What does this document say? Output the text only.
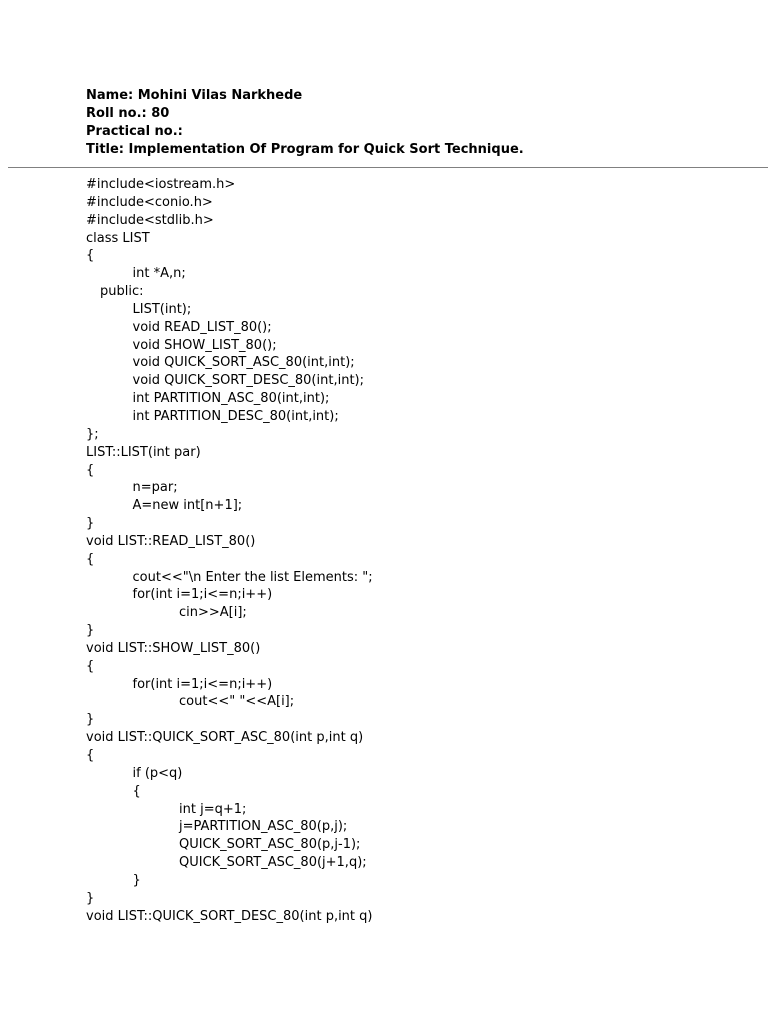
Name: Mohini Vilas Narkhede
Roll no.: 80
Practical no.:
Title: Implementation Of Program for Quick Sort Technique.
#include<iostream.h>
#include<conio.h>
#include<stdlib.h>
class LIST
{
int *A,n;
public:
LIST(int);
void READ_LIST_80();
void SHOW_LIST_80();
void QUICK_SORT_ASC_80(int,int);
void QUICK_SORT_DESC_80(int,int);
int PARTITION_ASC_80(int,int);
int PARTITION_DESC_80(int,int);
};
LIST::LIST(int par)
{
n=par;
A=new int[n+1];
}
void LIST::READ_LIST_80()
{
cout<<"\n Enter the list Elements: ";
for(int i=1;i<=n;i++)
cin>>A[i];
}
void LIST::SHOW_LIST_80()
{
for(int i=1;i<=n;i++)
cout<<" "<<A[i];
}
void LIST::QUICK_SORT_ASC_80(int p,int q)
{
if (p<q)
{
int j=q+1;
j=PARTITION_ASC_80(p,j);
QUICK_SORT_ASC_80(p,j-1);
QUICK_SORT_ASC_80(j+1,q);
}
}
void LIST::QUICK_SORT_DESC_80(int p,int q)
